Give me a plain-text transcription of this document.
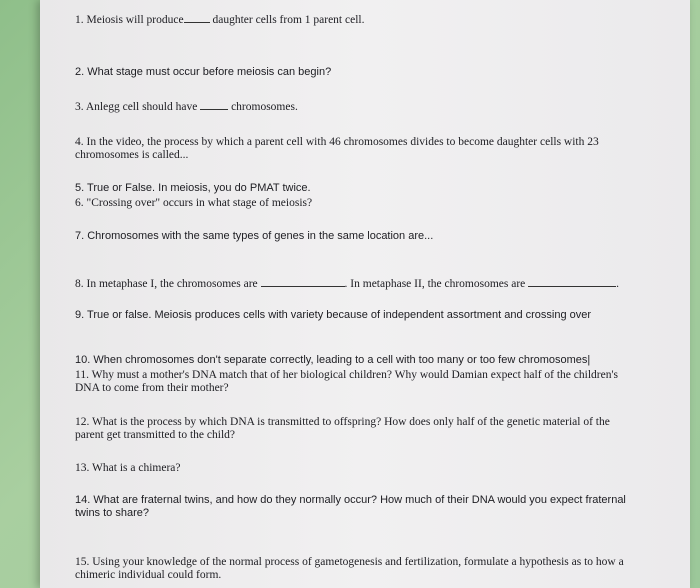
1. Meiosis will produce	daughter cells from 1 parent cell.

2. What stage must occur before meiosis can begin?

3. Anlegg cell should have	chromosomes.

4. In the video, the process by which a parent cell with 46 chromosomes divides to become daughter cells with 23 chromosomes is called...

5. True or False. In meiosis, you do PMAT twice.

6. "Crossing over" occurs in what stage of meiosis?

7. Chromosomes with the same types of genes in the same location are...

8. In metaphase I, the chromosomes are	. In metaphase II, the chromosomes are	.

9. True or false. Meiosis produces cells with variety because of independent assortment and crossing over

10. When chromosomes don't separate correctly, leading to a cell with too many or too few chromosomes|

11. Why must a mother's DNA match that of her biological children? Why would Damian expect half of the children's DNA to come from their mother?

12. What is the process by which DNA is transmitted to offspring? How does only half of the genetic material of the parent get transmitted to the child?

13. What is a chimera?

14. What are fraternal twins, and how do they normally occur? How much of their DNA would you expect fraternal twins to share?

15. Using your knowledge of the normal process of gametogenesis and fertilization, formulate a hypothesis as to how a chimeric individual could form.
